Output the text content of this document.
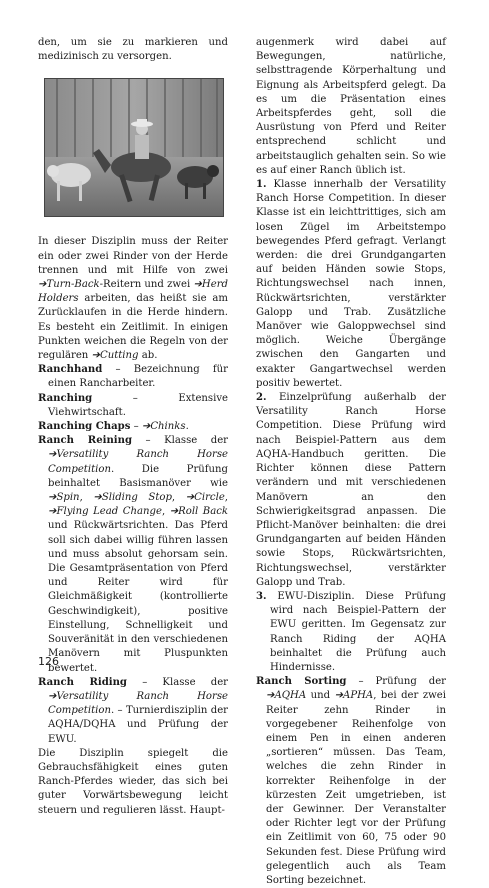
den, um sie zu markieren und medizinisch zu versorgen.

In dieser Disziplin muss der Reiter ein oder zwei Rinder von der Herde trennen und mit Hilfe von zwei ➔Turn-Back-Reitern und zwei ➔Herd Holders arbeiten, das heißt sie am Zurücklaufen in die Herde hindern. Es besteht ein Zeitlimit. In einigen Punkten weichen die Regeln von der regulären ➔Cutting ab.

Ranchhand – Bezeichnung für einen Rancharbeiter.

Ranching – Extensive Viehwirtschaft.

Ranching Chaps – ➔Chinks.

Ranch Reining – Klasse der ➔Versatility Ranch Horse Competition. Die Prüfung beinhaltet Basismanöver wie ➔Spin, ➔Sliding Stop, ➔Circle, ➔Flying Lead Change, ➔Roll Back und Rückwärtsrichten. Das Pferd soll sich dabei willig führen lassen und muss absolut gehorsam sein. Die Gesamtpräsentation von Pferd und Reiter wird für Gleichmäßigkeit (kontrollierte Geschwindigkeit), positive Einstellung, Schnelligkeit und Souveränität in den verschiedenen Manövern mit Pluspunkten bewertet.

Ranch Riding – Klasse der ➔Versatility Ranch Horse Competition. – Turnierdisziplin der AQHA/DQHA und Prüfung der EWU.

Die Disziplin spiegelt die Gebrauchsfähigkeit eines guten Ranch-Pferdes wieder, das sich bei guter Vorwärtsbewegung leicht steuern und regulieren lässt. Haupt-

augenmerk wird dabei auf Bewegungen, natürliche, selbsttragende Körperhaltung und Eignung als Arbeitspferd gelegt. Da es um die Präsentation eines Arbeitspferdes geht, soll die Ausrüstung von Pferd und Reiter entsprechend schlicht und arbeitstauglich gehalten sein. So wie es auf einer Ranch üblich ist.

1. Klasse innerhalb der Versatility Ranch Horse Competition. In dieser Klasse ist ein leichttrittiges, sich am losen Zügel im Arbeitstempo bewegendes Pferd gefragt. Verlangt werden: die drei Grundgangarten auf beiden Händen sowie Stops, Richtungswechsel nach innen, Rückwärtsrichten, verstärkter Galopp und Trab. Zusätzliche Manöver wie Galoppwechsel sind möglich. Weiche Übergänge zwischen den Gangarten und exakter Gangartwechsel werden positiv bewertet.

2. Einzelprüfung außerhalb der Versatility Ranch Horse Competition. Diese Prüfung wird nach Beispiel-Pattern aus dem AQHA-Handbuch geritten. Die Richter können diese Pattern verändern und mit verschiedenen Manövern an den Schwierigkeitsgrad anpassen. Die Pflicht-Manöver beinhalten: die drei Grundgangarten auf beiden Händen sowie Stops, Rückwärtsrichten, Richtungswechsel, verstärkter Galopp und Trab.

3. EWU-Disziplin. Diese Prüfung wird nach Beispiel-Pattern der EWU geritten. Im Gegensatz zur Ranch Riding der AQHA beinhaltet die Prüfung auch Hindernisse.

Ranch Sorting – Prüfung der ➔AQHA und ➔APHA, bei der zwei Reiter zehn Rinder in vorgegebener Reihenfolge von einem Pen in einen anderen „sortieren“ müssen. Das Team, welches die zehn Rinder in korrekter Reihenfolge in der kürzesten Zeit umgetrieben, ist der Gewinner. Der Veranstalter oder Richter legt vor der Prüfung ein Zeitlimit von 60, 75 oder 90 Sekunden fest. Diese Prüfung wird gelegentlich auch als Team Sorting bezeichnet.

126
